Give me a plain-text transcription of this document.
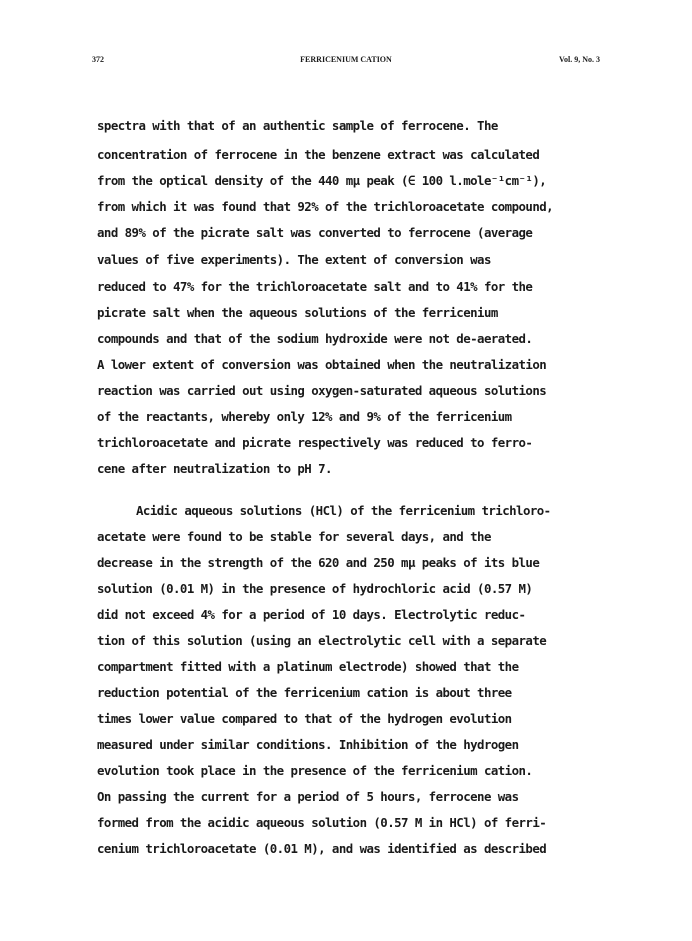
372	FERRICENIUM CATION	Vol. 9, No. 3
spectra with that of an authentic sample of ferrocene. The
concentration of ferrocene in the benzene extract was calculated
from the optical density of the 440 mμ peak (∈ 100 l.mole⁻¹cm⁻¹),
from which it was found that 92% of the trichloroacetate compound,
and 89% of the picrate salt was converted to ferrocene (average
values of five experiments). The extent of conversion was
reduced to 47% for the trichloroacetate salt and to 41% for the
picrate salt when the aqueous solutions of the ferricenium
compounds and that of the sodium hydroxide were not de-aerated.
A lower extent of conversion was obtained when the neutralization
reaction was carried out using oxygen-saturated aqueous solutions
of the reactants, whereby only 12% and 9% of the ferricenium
trichloroacetate and picrate respectively was reduced to ferro-
cene after neutralization to pH 7.
Acidic aqueous solutions (HCl) of the ferricenium trichloro-
acetate were found to be stable for several days, and the
decrease in the strength of the 620 and 250 mμ peaks of its blue
solution (0.01 M) in the presence of hydrochloric acid (0.57 M)
did not exceed 4% for a period of 10 days. Electrolytic reduc-
tion of this solution (using an electrolytic cell with a separate
compartment fitted with a platinum electrode) showed that the
reduction potential of the ferricenium cation is about three
times lower value compared to that of the hydrogen evolution
measured under similar conditions. Inhibition of the hydrogen
evolution took place in the presence of the ferricenium cation.
On passing the current for a period of 5 hours, ferrocene was
formed from the acidic aqueous solution (0.57 M in HCl) of ferri-
cenium trichloroacetate (0.01 M), and was identified as described
